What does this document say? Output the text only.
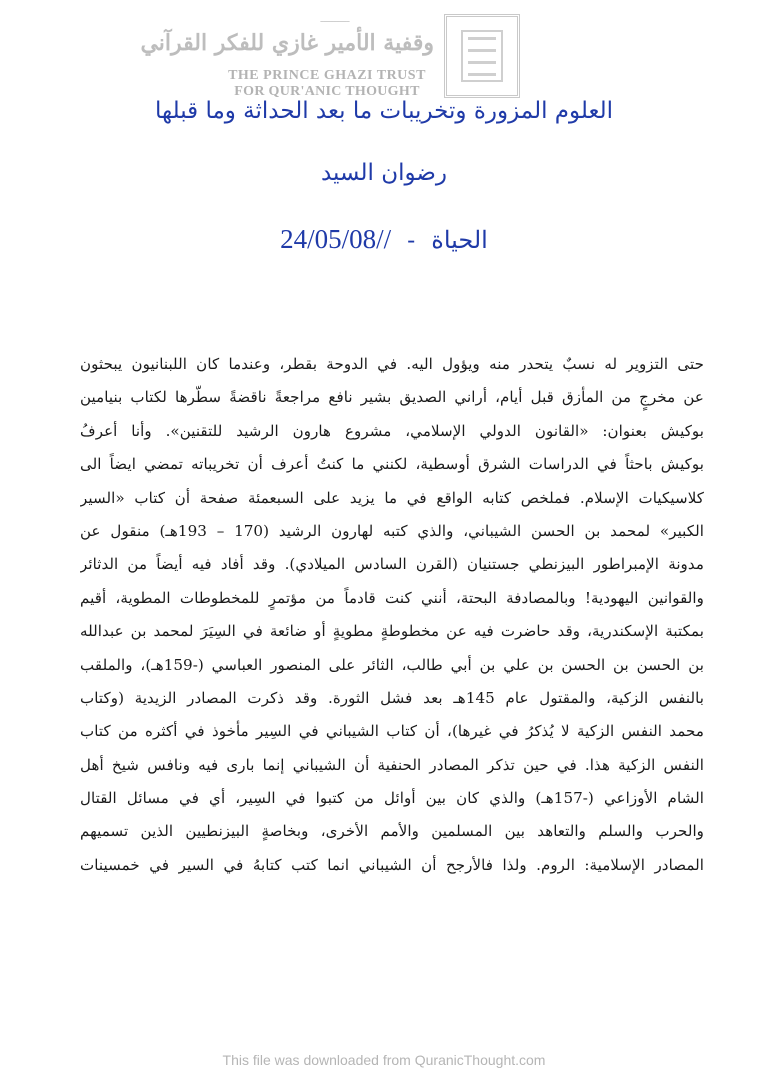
ـــــــــ
وقفية الأمير غازي للفكر القرآني
THE PRINCE GHAZI TRUST
FOR QUR'ANIC THOUGHT
العلوم المزورة وتخريبات ما بعد الحداثة وما قبلها
رضوان السيد
24/05/08// - الحياة
حتى التزوير له نسبٌ يتحدر منه ويؤول اليه. في الدوحة بقطر، وعندما كان اللبنانيون يبحثون
عن مخرجٍ من المأزق قبل أيام، أراني الصديق بشير نافع مراجعةً ناقضةً سطّرها لكتاب بنيامين
بوكيش بعنوان: «القانون الدولي الإسلامي، مشروع هارون الرشيد للتقنين». وأنا أعرفُ
بوكيش باحثاً في الدراسات الشرق أوسطية، لكنني ما كنتُ أعرف أن تخريباته تمضي ايضاً الى
كلاسيكيات الإسلام. فملخص كتابه الواقع في ما يزيد على السبعمئة صفحة أن كتاب «السير
الكبير» لمحمد بن الحسن الشيباني، والذي كتبه لهارون الرشيد (170 – 193هـ) منقول عن
مدونة الإمبراطور البيزنطي جستنيان (القرن السادس الميلادي). وقد أفاد فيه أيضاً من الدثائر
والقوانين اليهودية! وبالمصادفة البحتة، أنني كنت قادماً من مؤتمرٍ للمخطوطات المطوية، أقيم
بمكتبة الإسكندرية، وقد حاضرت فيه عن مخطوطةٍ مطويةٍ أو ضائعة في السِيَرَ لمحمد بن عبدالله
بن الحسن بن الحسن بن علي بن أبي طالب، الثائر على المنصور العباسي (-159هـ)، والملقب
بالنفس الزكية، والمقتول عام 145هـ بعد فشل الثورة. وقد ذكرت المصادر الزيدية (وكتاب
محمد النفس الزكية لا يُذكرُ في غيرها)، أن كتاب الشيباني في السِير مأخوذ في أكثره من كتاب
النفس الزكية هذا. في حين تذكر المصادر الحنفية أن الشيباني إنما بارى فيه ونافس شيخ أهل
الشام الأوزاعي (-157هـ) والذي كان بين أوائل من كتبوا في السِير، أي في مسائل القتال
والحرب والسلم والتعاهد بين المسلمين والأمم الأخرى، وبخاصةٍ البيزنطيين الذين تسميهم
المصادر الإسلامية: الروم. ولذا فالأرجح أن الشيباني انما كتب كتابهُ في السير في خمسينات
This file was downloaded from QuranicThought.com
